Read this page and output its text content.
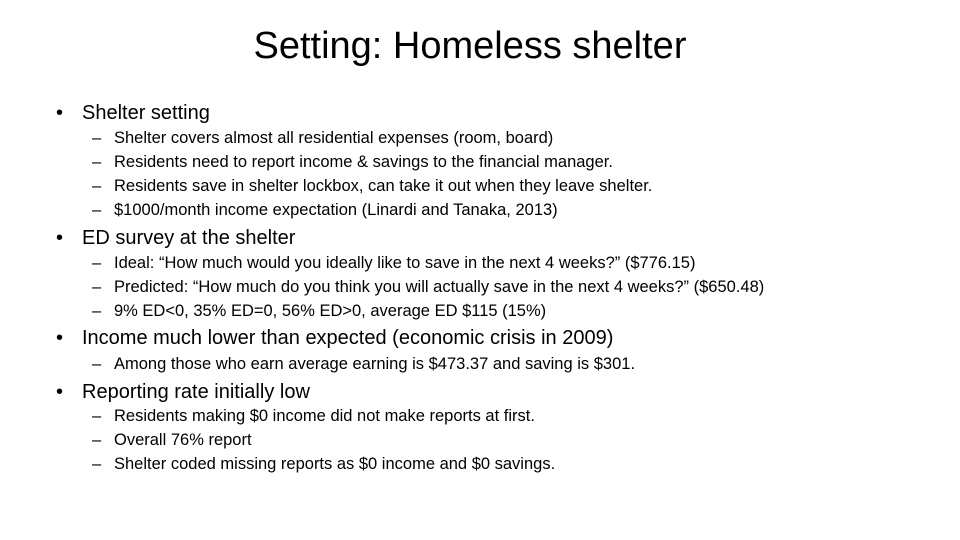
Setting: Homeless shelter
• Shelter setting
– Shelter covers almost all residential expenses (room, board)
– Residents need to report income & savings to the financial manager.
– Residents save in shelter lockbox, can take it out when they leave shelter.
– $1000/month income expectation (Linardi and Tanaka, 2013)
• ED survey at the shelter
– Ideal: “How much would you ideally like to save in the next 4 weeks?” ($776.15)
– Predicted: “How much do you think you will actually save in the next 4 weeks?” ($650.48)
– 9% ED<0, 35% ED=0, 56% ED>0, average ED $115 (15%)
• Income much lower than expected (economic crisis in 2009)
– Among those who earn average earning is $473.37 and saving is $301.
• Reporting rate initially low
– Residents making $0 income did not make reports at first.
– Overall 76% report
– Shelter coded missing reports as $0 income and $0 savings.
